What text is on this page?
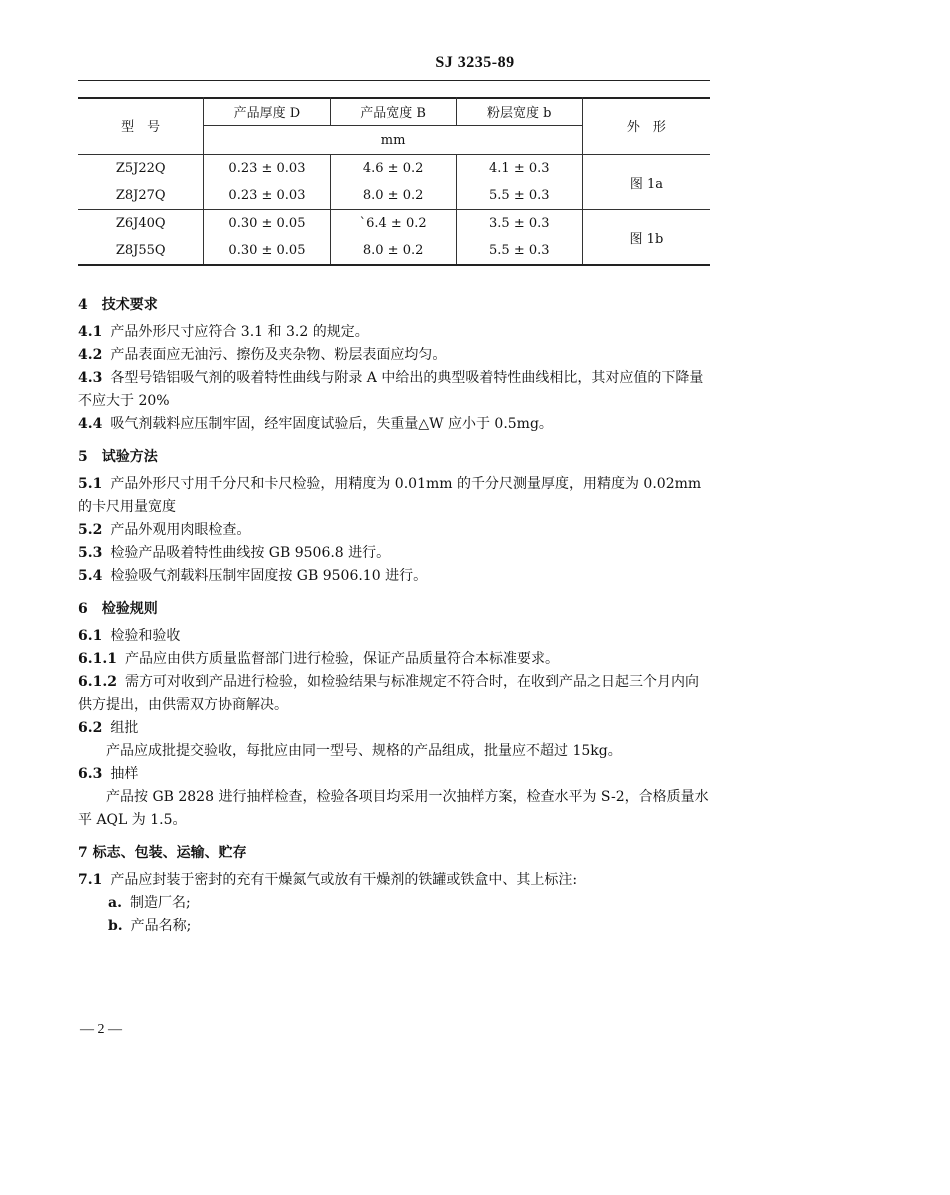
SJ 3235-89
型　号	产品厚度 D	产品宽度 B	粉层宽度 b	外　形
	mm			
Z5J22Q	0.23 ± 0.03	4.6 ± 0.2	4.1 ± 0.3	图 1a
Z8J27Q	0.23 ± 0.03	8.0 ± 0.2	5.5 ± 0.3	
Z6J40Q	0.30 ± 0.05	`6.4 ± 0.2	3.5 ± 0.3	图 1b
Z8J55Q	0.30 ± 0.05	8.0 ± 0.2	5.5 ± 0.3	

4　技术要求

4.1 产品外形尺寸应符合 3.1 和 3.2 的规定。

4.2 产品表面应无油污、擦伤及夹杂物、粉层表面应均匀。

4.3 各型号锆铝吸气剂的吸着特性曲线与附录 A 中给出的典型吸着特性曲线相比，其对应值的下降量不应大于 20%

4.4 吸气剂载料应压制牢固，经牢固度试验后，失重量△W 应小于 0.5mg。

5　试验方法

5.1 产品外形尺寸用千分尺和卡尺检验，用精度为 0.01mm 的千分尺测量厚度，用精度为 0.02mm 的卡尺用量宽度

5.2 产品外观用肉眼检查。

5.3 检验产品吸着特性曲线按 GB 9506.8 进行。

5.4 检验吸气剂载料压制牢固度按 GB 9506.10 进行。

6　检验规则

6.1 检验和验收

6.1.1 产品应由供方质量监督部门进行检验，保证产品质量符合本标准要求。

6.1.2 需方可对收到产品进行检验，如检验结果与标准规定不符合时，在收到产品之日起三个月内向供方提出，由供需双方协商解决。

6.2 组批

产品应成批提交验收，每批应由同一型号、规格的产品组成，批量应不超过 15kg。

6.3 抽样

产品按 GB 2828 进行抽样检查，检验各项目均采用一次抽样方案，检查水平为 S-2，合格质量水平 AQL 为 1.5。

7 标志、包装、运输、贮存

7.1 产品应封装于密封的充有干燥氮气或放有干燥剂的铁罐或铁盒中、其上标注:

a. 制造厂名;

b. 产品名称;

— 2 —
